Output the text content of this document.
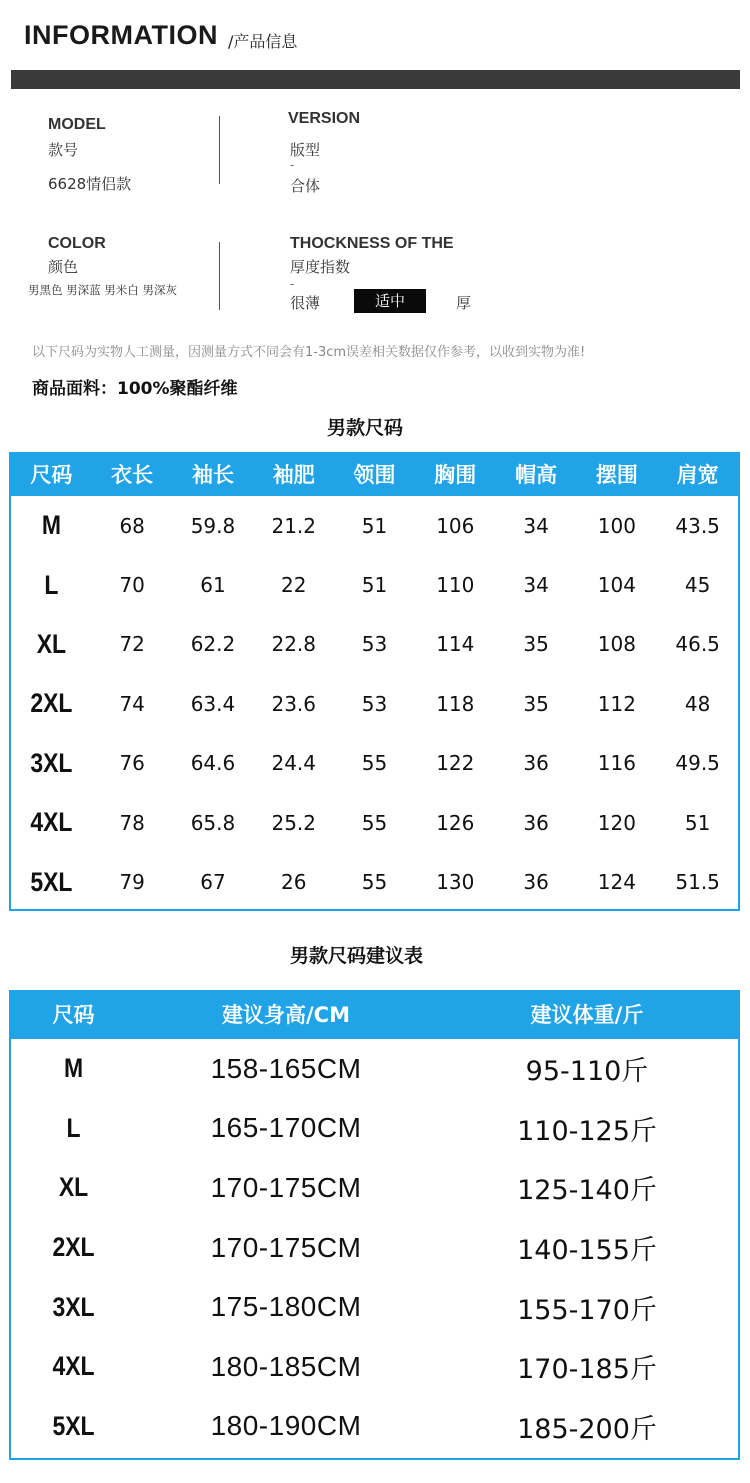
INFORMATION /产品信息
MODEL
款号
6628情侣款
VERSION
版型
-
合体
COLOR
颜色
男黑色 男深蓝 男米白 男深灰
THOCKNESS OF THE
厚度指数
-
很薄	适中	厚
以下尺码为实物人工测量，因测量方式不同会有1-3cm误差相关数据仅作参考，以收到实物为准!
商品面料：100%聚酯纤维
男款尺码
尺码	衣长	袖长	袖肥	领围	胸围	帽高	摆围	肩宽
M	68	59.8	21.2	51	106	34	100	43.5
L	70	61	22	51	110	34	104	45
XL	72	62.2	22.8	53	114	35	108	46.5
2XL	74	63.4	23.6	53	118	35	112	48
3XL	76	64.6	24.4	55	122	36	116	49.5
4XL	78	65.8	25.2	55	126	36	120	51
5XL	79	67	26	55	130	36	124	51.5
男款尺码建议表
尺码	建议身高/CM	建议体重/斤
M	158-165CM	95-110斤
L	165-170CM	110-125斤
XL	170-175CM	125-140斤
2XL	170-175CM	140-155斤
3XL	175-180CM	155-170斤
4XL	180-185CM	170-185斤
5XL	180-190CM	185-200斤
